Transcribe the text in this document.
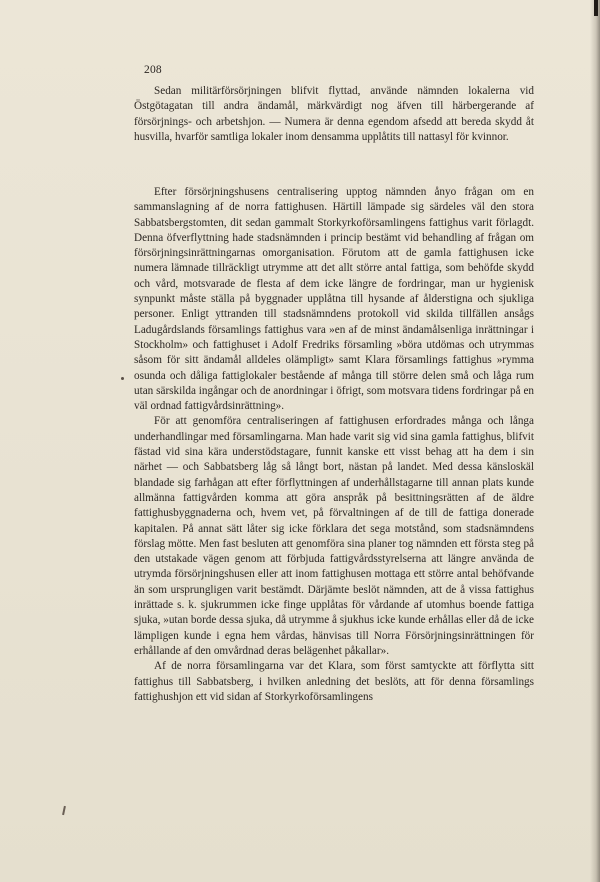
208

Sedan militärförsörjningen blifvit flyttad, använde nämnden lokalerna vid Östgötagatan till andra ändamål, märkvärdigt nog äfven till härbergerande af försörjnings- och arbetshjon. — Numera är denna egendom afsedd att bereda skydd åt husvilla, hvarför samtliga lokaler inom densamma upplåtits till nattasyl för kvinnor.

Efter försörjningshusens centralisering upptog nämnden ånyo frågan om en sammanslagning af de norra fattighusen. Härtill lämpade sig särdeles väl den stora Sabbatsbergstomten, dit sedan gammalt Storkyrkoförsamlingens fattighus varit förlagdt. Denna öfverflyttning hade stadsnämnden i princip bestämt vid behandling af frågan om försörjningsinrättningarnas omorganisation. Förutom att de gamla fattighusen icke numera lämnade tillräckligt utrymme att det allt större antal fattiga, som behöfde skydd och vård, motsvarade de flesta af dem icke längre de fordringar, man ur hygienisk synpunkt måste ställa på byggnader upplåtna till hysande af ålderstigna och sjukliga personer. Enligt yttranden till stadsnämndens protokoll vid skilda tillfällen ansågs Ladugårdslands församlings fattighus vara »en af de minst ändamålsenliga inrättningar i Stockholm» och fattighuset i Adolf Fredriks församling »böra utdömas och utrymmas såsom för sitt ändamål alldeles olämpligt» samt Klara församlings fattighus »rymma osunda och dåliga fattiglokaler bestående af många till större delen små och låga rum utan särskilda ingångar och de anordningar i öfrigt, som motsvara tidens fordringar på en väl ordnad fattigvårdsinrättning».

För att genomföra centraliseringen af fattighusen erfordrades många och långa underhandlingar med församlingarna. Man hade varit sig vid sina gamla fattighus, blifvit fästad vid sina kära understödstagare, funnit kanske ett visst behag att ha dem i sin närhet — och Sabbatsberg låg så långt bort, nästan på landet. Med dessa känsloskäl blandade sig farhågan att efter förflyttningen af underhållstagarne till annan plats kunde allmänna fattigvården komma att göra anspråk på besittningsrätten af de äldre fattighusbyggnaderna och, hvem vet, på förvaltningen af de till de fattiga donerade kapitalen. På annat sätt låter sig icke förklara det sega motstånd, som stadsnämndens förslag mötte. Men fast besluten att genomföra sina planer tog nämnden ett första steg på den utstakade vägen genom att förbjuda fattigvårdsstyrelserna att längre använda de utrymda försörjningshusen eller att inom fattighusen mottaga ett större antal behöfvande än som ursprungligen varit bestämdt. Därjämte beslöt nämnden, att de å vissa fattighus inrättade s. k. sjukrummen icke finge upplåtas för vårdande af utomhus boende fattiga sjuka, »utan borde dessa sjuka, då utrymme å sjukhus icke kunde erhållas eller då de icke lämpligen kunde i egna hem vårdas, hänvisas till Norra Försörjningsinrättningen för erhållande af den omvårdnad deras belägenhet påkallar».

Af de norra församlingarna var det Klara, som först samtyckte att förflytta sitt fattighus till Sabbatsberg, i hvilken anledning det beslöts, att för denna församlings fattighushjon ett vid sidan af Storkyrkoförsamlingens
